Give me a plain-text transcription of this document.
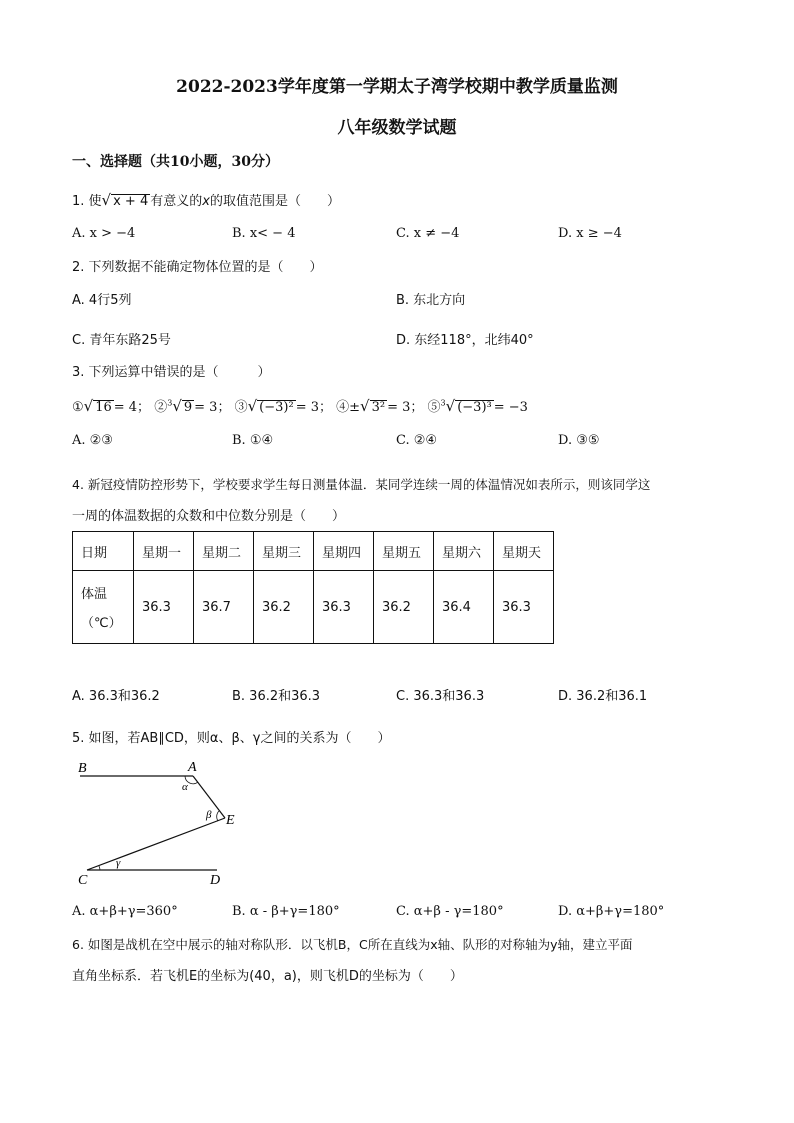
2022-2023学年度第一学期太子湾学校期中教学质量监测
八年级数学试题
一、选择题（共10小题，30分）
1. 使√ x + 4 有意义的x的取值范围是（　　）
A. x > −4	B. x< − 4	C. x ≠ −4	D. x ≥ −4
2. 下列数据不能确定物体位置的是（　　）
A. 4行5列	B. 东北方向
C. 青年东路25号	D. 东经118°，北纬40°
3. 下列运算中错误的是（　　　）
①√ 16 = 4； ②$^3$√ 9 = 3； ③√ (−3)² = 3； ④±√ 3² = 3； ⑤$^3$√ (−3)³ = −3
A. ②③	B. ①④	C. ②④	D. ③⑤
4. 新冠疫情防控形势下，学校要求学生每日测量体温．某同学连续一周的体温情况如表所示，则该同学这
一周的体温数据的众数和中位数分别是（　　）
日期	星期一	星期二	星期三	星期四	星期五	星期六	星期天

体温
（℃）	36.3	36.7	36.2	36.3	36.2	36.4	36.3
A. 36.3和36.2	B. 36.2和36.3	C. 36.3和36.3	D. 36.2和36.1
5. 如图，若AB∥CD，则α、β、γ之间的关系为（　　）
B	A
E
C	D
α
β
γ
A. α+β+γ=360°	B. α - β+γ=180°	C. α+β - γ=180°	D. α+β+γ=180°
6. 如图是战机在空中展示的轴对称队形．以飞机B，C所在直线为x轴、队形的对称轴为y轴，建立平面
直角坐标系．若飞机E的坐标为(40，a)，则飞机D的坐标为（　　）
